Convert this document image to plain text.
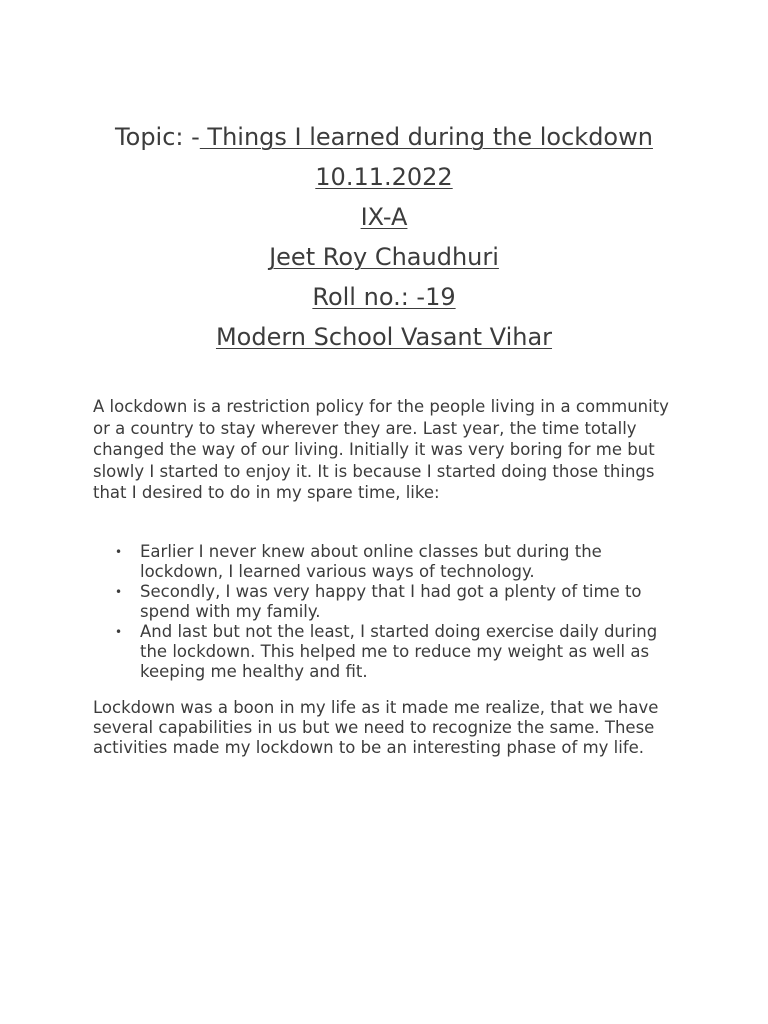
Topic: - Things I learned during the lockdown
10.11.2022
IX-A
Jeet Roy Chaudhuri
Roll no.: -19
Modern School Vasant Vihar

A lockdown is a restriction policy for the people living in a community or a country to stay wherever they are. Last year, the time totally changed the way of our living. Initially it was very boring for me but slowly I started to enjoy it. It is because I started doing those things that I desired to do in my spare time, like:

• Earlier I never knew about online classes but during the lockdown, I learned various ways of technology.
• Secondly, I was very happy that I had got a plenty of time to spend with my family.
• And last but not the least, I started doing exercise daily during the lockdown. This helped me to reduce my weight as well as keeping me healthy and fit.

Lockdown was a boon in my life as it made me realize, that we have several capabilities in us but we need to recognize the same. These activities made my lockdown to be an interesting phase of my life.
